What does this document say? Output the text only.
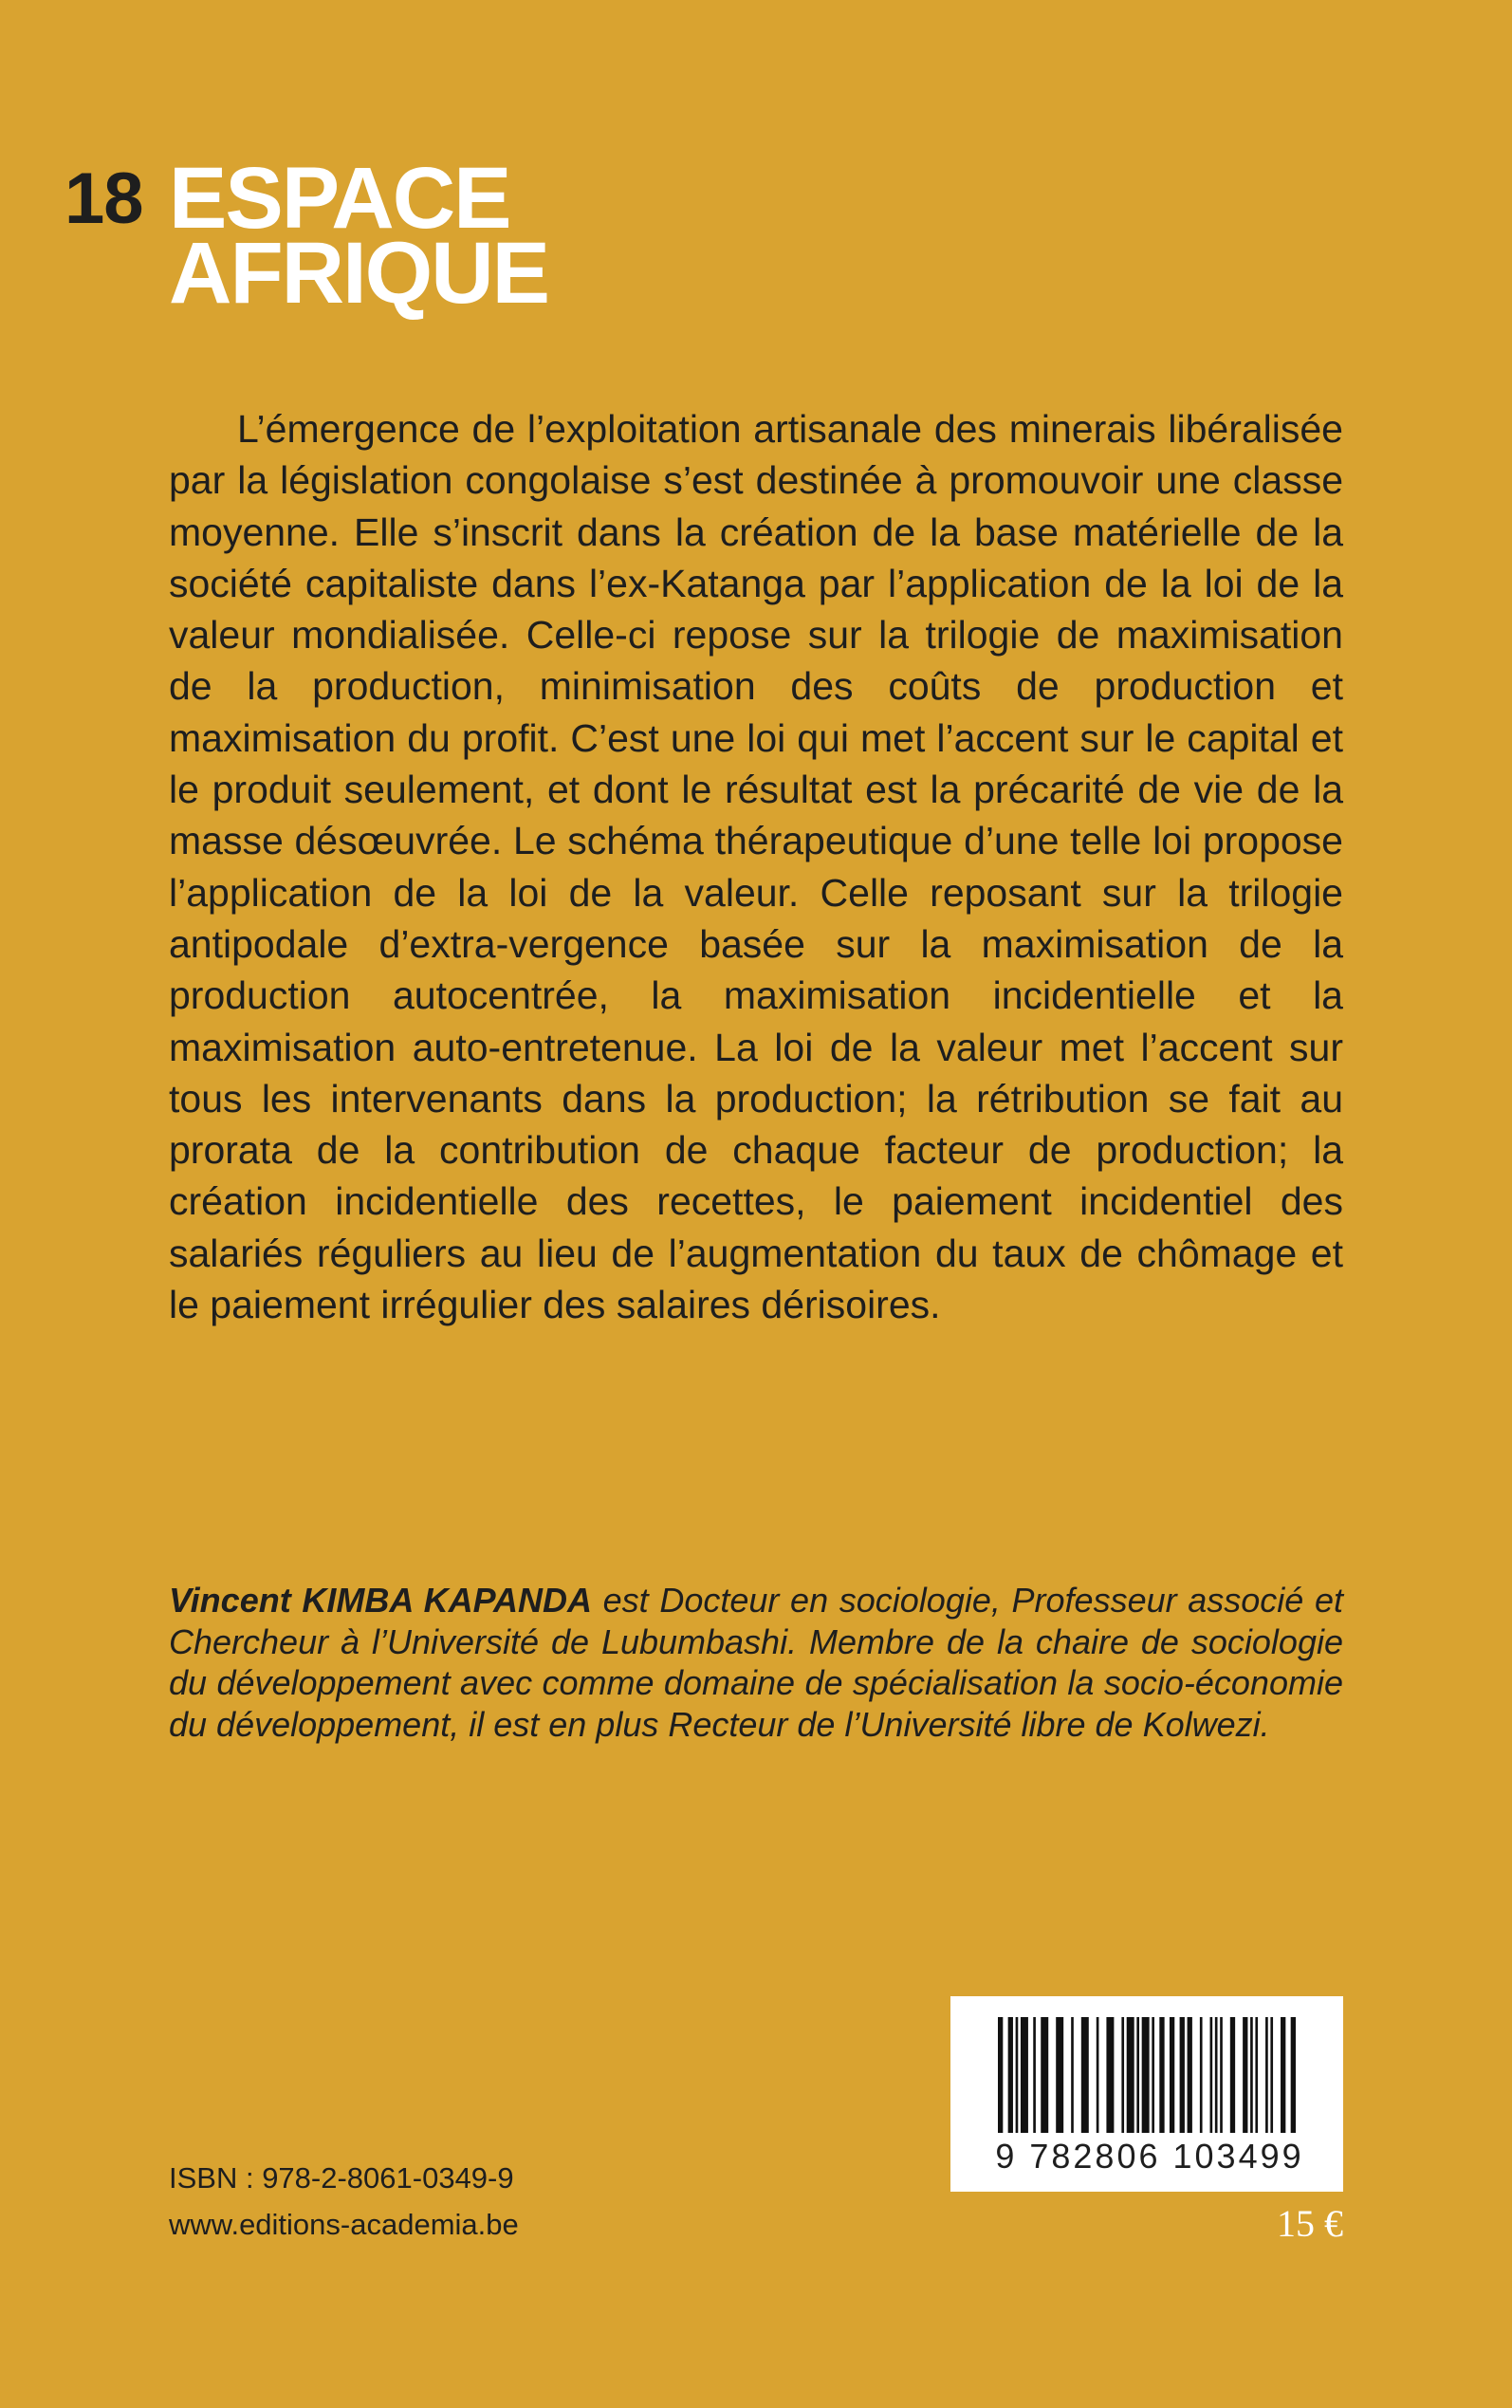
18 ESPACE
AFRIQUE

L’émergence de l’exploitation artisanale des minerais libéralisée par la législation congolaise s’est destinée à promouvoir une classe moyenne. Elle s’inscrit dans la création de la base matérielle de la société capitaliste dans l’ex-Katanga par l’application de la loi de la valeur mondialisée. Celle-ci repose sur la trilogie de maximisation de la production, minimisation des coûts de production et maximisation du profit. C’est une loi qui met l’accent sur le capital et le produit seulement, et dont le résultat est la précarité de vie de la masse désœuvrée. Le schéma thérapeutique d’une telle loi propose l’application de la loi de la valeur. Celle reposant sur la trilogie antipodale d’extra-vergence basée sur la maximisation de la production autocentrée, la maximisation incidentielle et la maximisation auto-entretenue. La loi de la valeur met l’accent sur tous les intervenants dans la production; la rétribution se fait au prorata de la contribution de chaque facteur de production; la création incidentielle des recettes, le paiement incidentiel des salariés réguliers au lieu de l’augmentation du taux de chômage et le paiement irrégulier des salaires dérisoires.

Vincent KIMBA KAPANDA est Docteur en sociologie, Professeur associé et Chercheur à l’Université de Lubumbashi. Membre de la chaire de sociologie du développement avec comme domaine de spécialisation la socio-économie du développement, il est en plus Recteur de l’Université libre de Kolwezi.

9 782806 103499
15 €
ISBN : 978-2-8061-0349-9
www.editions-academia.be
